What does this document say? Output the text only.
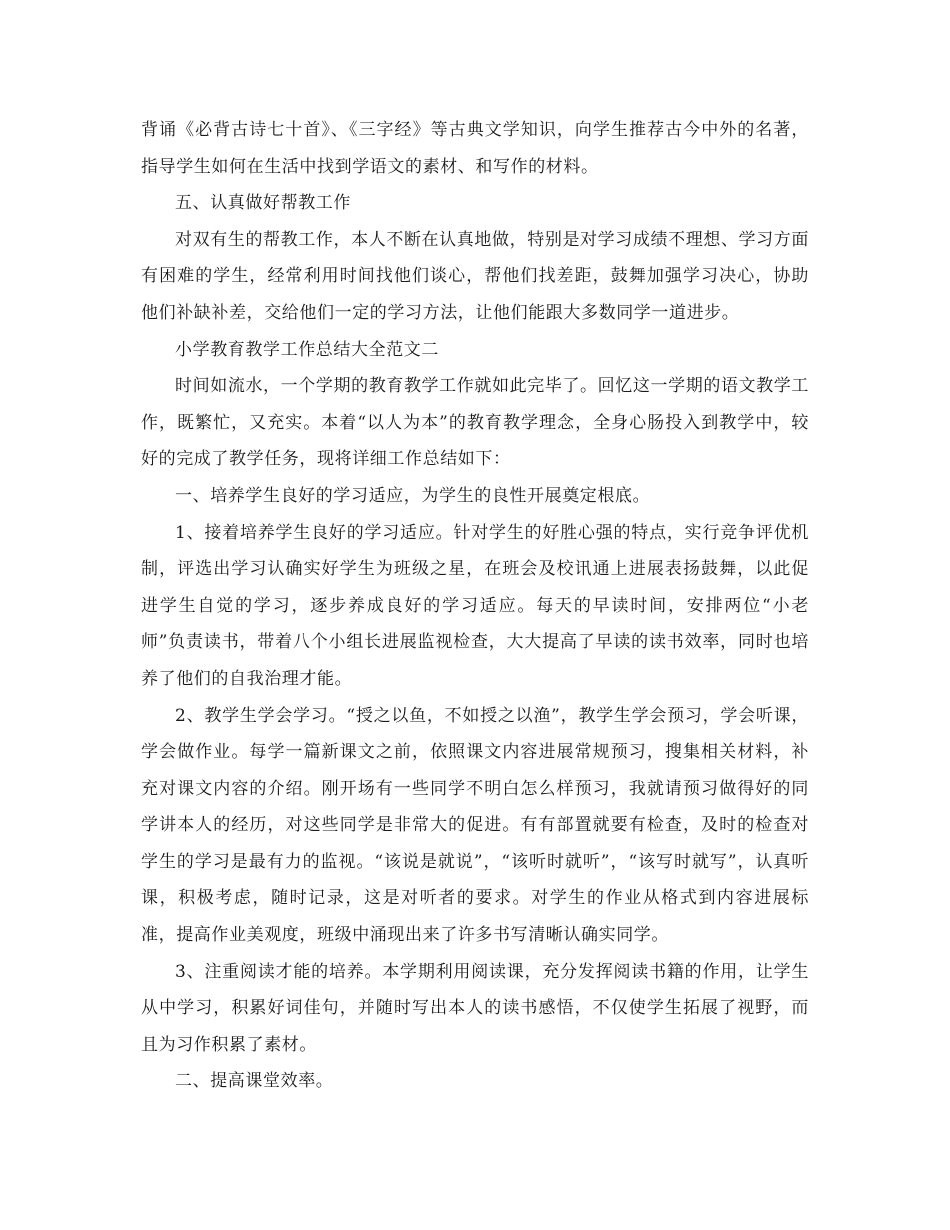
背诵《必背古诗七十首》、《三字经》等古典文学知识，向学生推荐古今中外的名著，指导学生如何在生活中找到学语文的素材、和写作的材料。

五、认真做好帮教工作

对双有生的帮教工作，本人不断在认真地做，特别是对学习成绩不理想、学习方面有困难的学生，经常利用时间找他们谈心，帮他们找差距，鼓舞加强学习决心，协助他们补缺补差，交给他们一定的学习方法，让他们能跟大多数同学一道进步。

小学教育教学工作总结大全范文二

时间如流水，一个学期的教育教学工作就如此完毕了。回忆这一学期的语文教学工作，既繁忙，又充实。本着“以人为本”的教育教学理念，全身心肠投入到教学中，较好的完成了教学任务，现将详细工作总结如下：

一、培养学生良好的学习适应，为学生的良性开展奠定根底。

1、接着培养学生良好的学习适应。针对学生的好胜心强的特点，实行竞争评优机制，评选出学习认确实好学生为班级之星，在班会及校讯通上进展表扬鼓舞，以此促进学生自觉的学习，逐步养成良好的学习适应。每天的早读时间，安排两位“小老师”负责读书，带着八个小组长进展监视检查，大大提高了早读的读书效率，同时也培养了他们的自我治理才能。

2、教学生学会学习。“授之以鱼，不如授之以渔”，教学生学会预习，学会听课，学会做作业。每学一篇新课文之前，依照课文内容进展常规预习，搜集相关材料，补充对课文内容的介绍。刚开场有一些同学不明白怎么样预习，我就请预习做得好的同学讲本人的经历，对这些同学是非常大的促进。有有部置就要有检查，及时的检查对学生的学习是最有力的监视。“该说是就说”，“该听时就听”，“该写时就写”，认真听课，积极考虑，随时记录，这是对听者的要求。对学生的作业从格式到内容进展标准，提高作业美观度，班级中涌现出来了许多书写清晰认确实同学。

3、注重阅读才能的培养。本学期利用阅读课，充分发挥阅读书籍的作用，让学生从中学习，积累好词佳句，并随时写出本人的读书感悟，不仅使学生拓展了视野，而且为习作积累了素材。

二、提高课堂效率。
